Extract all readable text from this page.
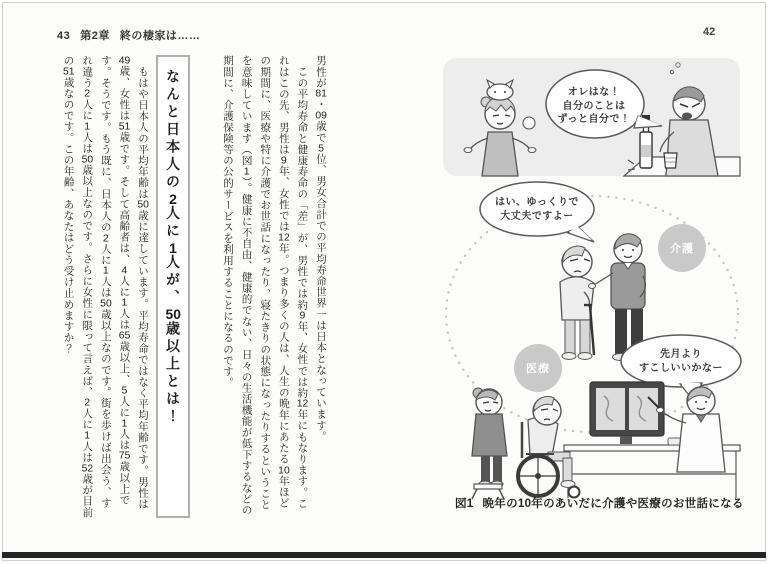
43 第2章 終の棲家は……	42

男性が81・09歳で5位、男女合計での平均寿命世界一は日本となっています。

この平均寿命と健康寿命の「差」が、男性では約9年、女性では約12年にもなります。これはこの先、男性は9年、女性では12年。つまり多くの人は、人生の晩年にあたる10年ほどの期間に、医療や特に介護でお世話になったり、寝たきりの状態になったりするということを意味しています（図1）。健康に不自由、健康的でない、日々の生活機能が低下するなどの期間に、介護保険等の公的サービスを利用することになるのです。

なんと日本人の2人に1人が、50歳以上とは！

もはや日本人の平均年齢は50歳に達しています。平均寿命ではなく平均年齢です。男性は49歳、女性は51歳です。そして高齢者は、4人に1人は65歳以上、5人に1人は75歳以上です。そうです。もう既に、日本人の2人に1人は50歳以上なのです。街を歩けば出会う、すれ違う2人に1人は50歳以上なのです。さらに女性に限って言えば、2人に1人は52歳が目前の51歳なのです。この年齢、あなたはどう受け止めますか？	介護
医療
オレはな！
自分のことは
ずっと自分で！
はい、ゆっくりで
大丈夫ですよー
先月より
すこしいいかなー
図1 晩年の10年のあいだに介護や医療のお世話になる
